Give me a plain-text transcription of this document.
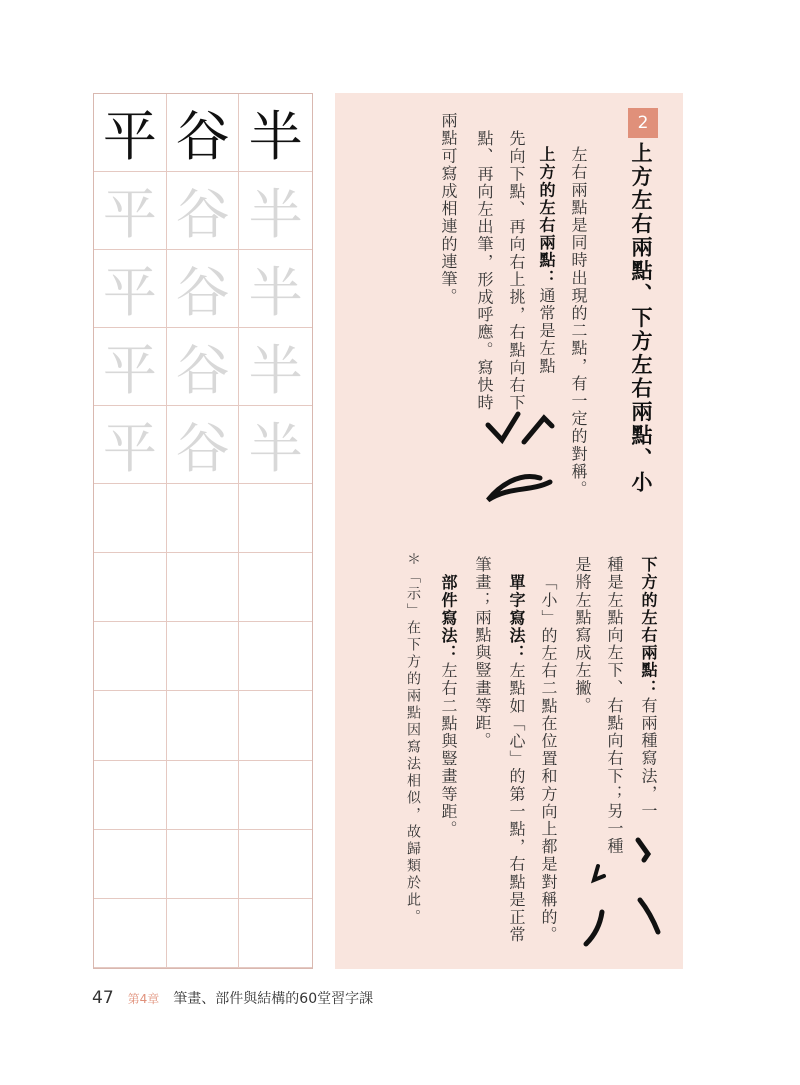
平 谷 半
平 谷 半
平 谷 半
平 谷 半
平 谷 半
2
上方左右兩點、下方左右兩點、小
左右兩點是同時出現的二點，有一定的對稱。
上方的左右兩點：通常是左點
先向下點、再向右上挑，右點向右下
點、再向左出筆，形成呼應。寫快時
兩點可寫成相連的連筆。
下方的左右兩點：有兩種寫法，一
種是左點向左下、右點向右下；另一種
是將左點寫成左撇。
「小」的左右二點在位置和方向上都是對稱的。
單字寫法：左點如「心」的第一點，右點是正常
筆畫；兩點與豎畫等距。
部件寫法：左右二點與豎畫等距。
＊「示」在下方的兩點因寫法相似，故歸類於此。
47 第4章 筆畫、部件與結構的60堂習字課
